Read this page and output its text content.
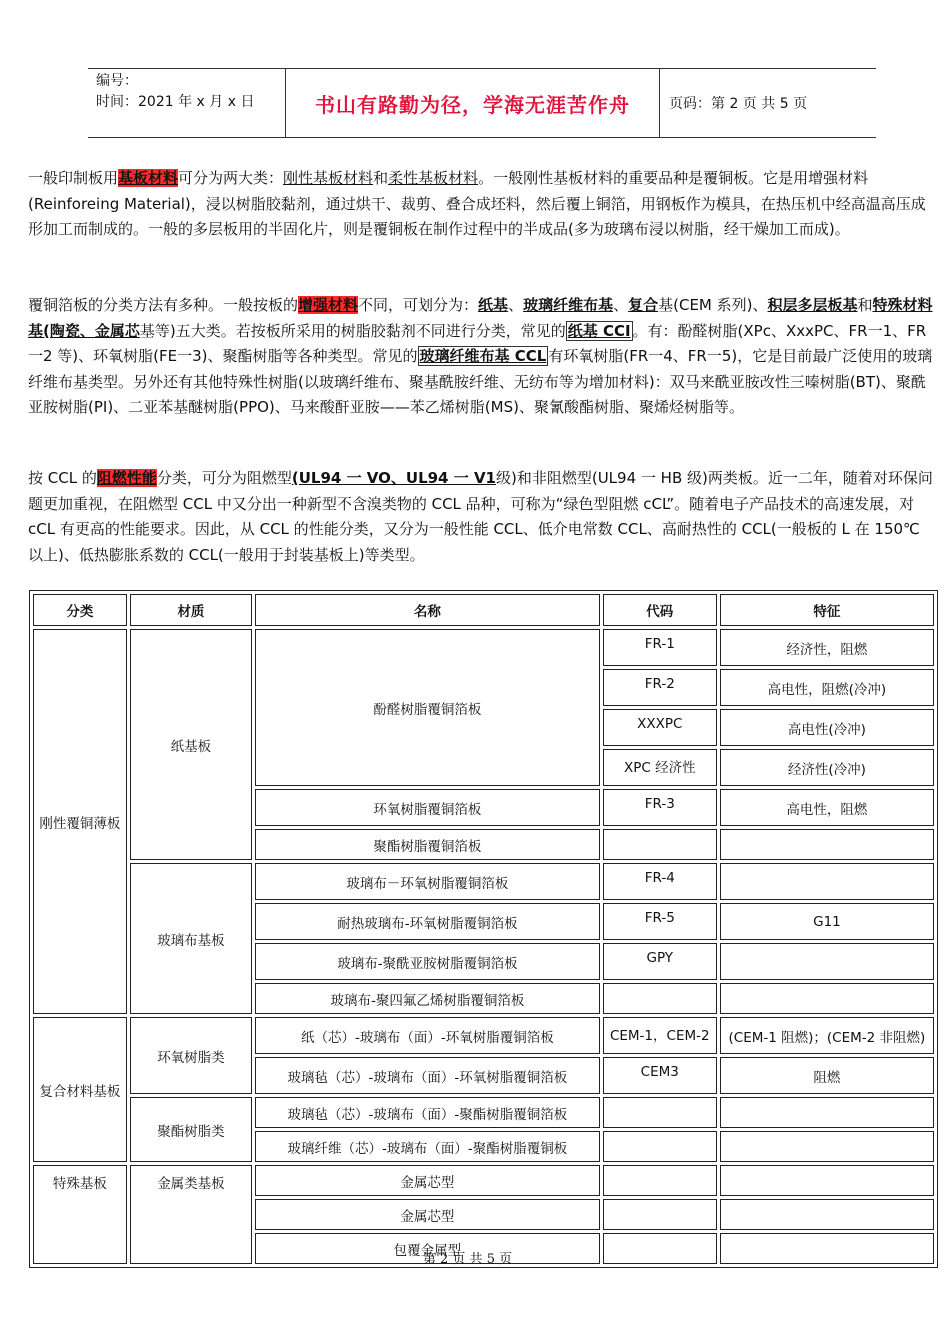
编号：
时间：2021 年 x 月 x 日	书山有路勤为径，学海无涯苦作舟	页码：第 2 页 共 5 页
一般印制板用基板材料可分为两大类：刚性基板材料和柔性基板材料。一般刚性基板材料的重要品种是覆铜板。它是用增强材料(Reinforeing Material)，浸以树脂胶黏剂，通过烘干、裁剪、叠合成坯料，然后覆上铜箔，用钢板作为模具，在热压机中经高温高压成形加工而制成的。一般的多层板用的半固化片，则是覆铜板在制作过程中的半成品(多为玻璃布浸以树脂，经干燥加工而成)。
覆铜箔板的分类方法有多种。一般按板的增强材料不同，可划分为：纸基、玻璃纤维布基、复合基(CEM 系列)、积层多层板基和特殊材料基(陶瓷、金属芯基等)五大类。若按板所采用的树脂胶黏剂不同进行分类，常见的 纸基 CCI 。有：酚醛树脂(XPc、XxxPC、FR一1、FR一2 等)、环氧树脂(FE一3)、聚酯树脂等各种类型。常见的 玻璃纤维布基 CCL 有环氧树脂(FR一4、FR一5)，它是目前最广泛使用的玻璃纤维布基类型。另外还有其他特殊性树脂(以玻璃纤维布、聚基酰胺纤维、无纺布等为增加材料)：双马来酰亚胺改性三嗪树脂(BT)、聚酰亚胺树脂(PI)、二亚苯基醚树脂(PPO)、马来酸酐亚胺——苯乙烯树脂(MS)、聚氰酸酯树脂、聚烯烃树脂等。
按 CCL 的阻燃性能分类，可分为阻燃型(UL94 一 VO、UL94 一 V1级)和非阻燃型(UL94 一 HB 级)两类板。近一二年，随着对环保问题更加重视，在阻燃型 CCL 中又分出一种新型不含溴类物的 CCL 品种，可称为“绿色型阻燃 cCL”。随着电子产品技术的高速发展，对 cCL 有更高的性能要求。因此，从 CCL 的性能分类，又分为一般性能 CCL、低介电常数 CCL、高耐热性的 CCL(一般板的 L 在 150℃以上)、低热膨胀系数的 CCL(一般用于封装基板上)等类型。
分类	材质	名称	代码	特征
刚性覆铜薄板	纸基板	酚醛树脂覆铜箔板	FR-1	经济性，阻燃
			FR-2	高电性，阻燃(冷冲)
			XXXPC	高电性(冷冲)
			XPC 经济性	经济性(冷冲)
		环氧树脂覆铜箔板	FR-3	高电性，阻燃
		聚酯树脂覆铜箔板		
	玻璃布基板	玻璃布－环氧树脂覆铜箔板	FR-4	
		耐热玻璃布-环氧树脂覆铜箔板	FR-5	G11
		玻璃布-聚酰亚胺树脂覆铜箔板	GPY	
		玻璃布-聚四氟乙烯树脂覆铜箔板		
复合材料基板	环氧树脂类	纸（芯）-玻璃布（面）-环氧树脂覆铜箔板	CEM-1，CEM-2	(CEM-1 阻燃)；(CEM-2 非阻燃)
		玻璃毡（芯）-玻璃布（面）-环氧树脂覆铜箔板	CEM3	阻燃
	聚酯树脂类	玻璃毡（芯）-玻璃布（面）-聚酯树脂覆铜箔板		
		玻璃纤维（芯）-玻璃布（面）-聚酯树脂覆铜板		
特殊基板	金属类基板	金属芯型		
		金属芯型		
		包覆金属型		
第 2 页 共 5 页
